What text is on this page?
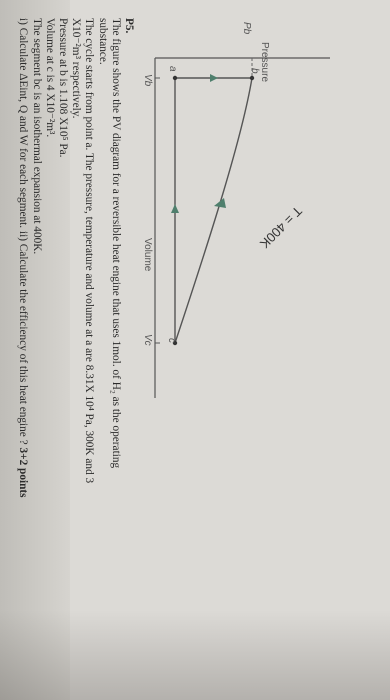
Pressure
Volume
Pb
b
a
c
Vb
Vc
T = 400K

P5.

The figure shows the PV diagram for a reversible heat engine that uses 1mol. of H₂ as the operating

substance.

The cycle starts from point a. The pressure, temperature and volume at a are 8.31X 10⁴ Pa, 300K and 3

X10⁻²m³ respectively.

Pressure at b is 1.108 X10⁵ Pa.

Volume at c is 4 X10⁻²m³.

The segment bc is an isothermal expansion at 400K.

i) Calculate ΔEint, Q and W for each segment. ii) Calculate the efficiency of this heat engine ? 3+2 points
